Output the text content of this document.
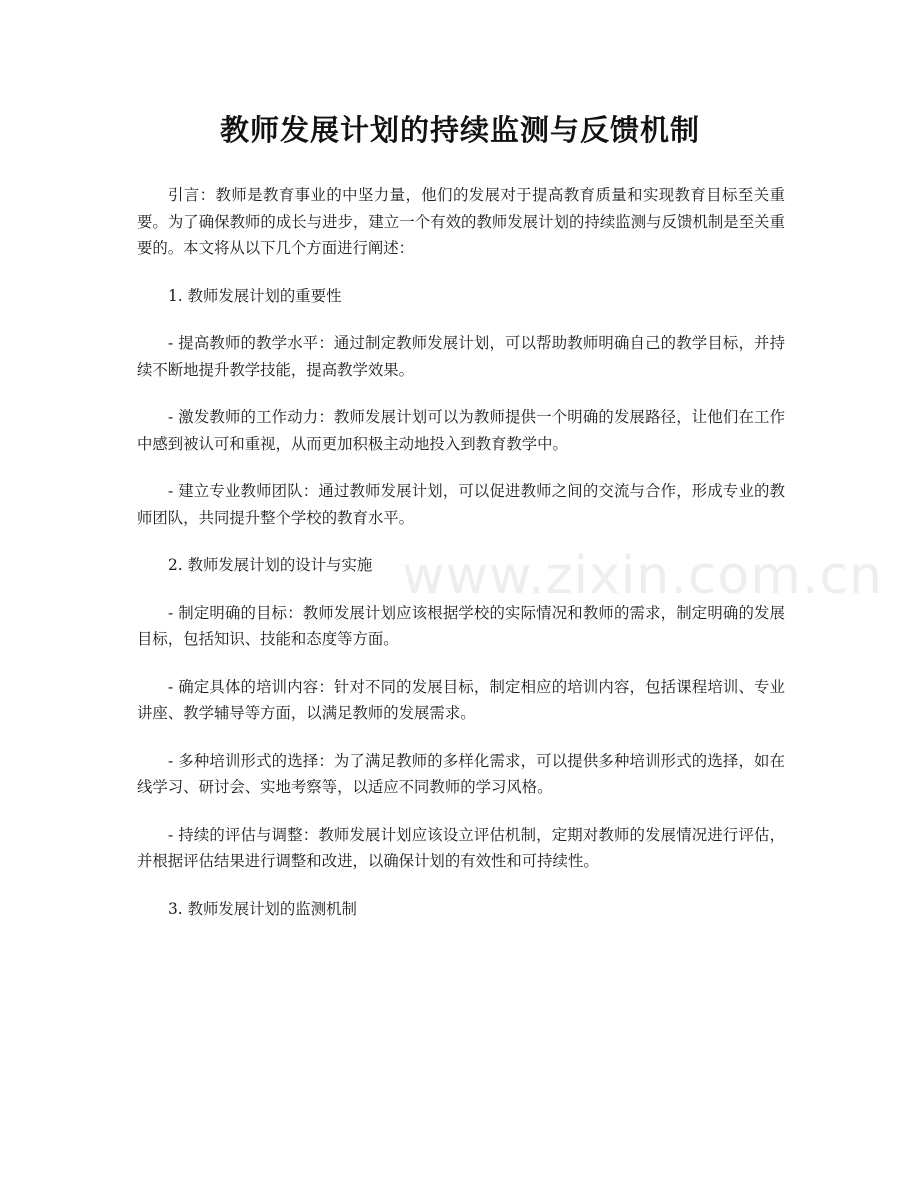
教师发展计划的持续监测与反馈机制

引言：教师是教育事业的中坚力量，他们的发展对于提高教育质量和实现教育目标至关重要。为了确保教师的成长与进步，建立一个有效的教师发展计划的持续监测与反馈机制是至关重要的。本文将从以下几个方面进行阐述：

1. 教师发展计划的重要性

- 提高教师的教学水平：通过制定教师发展计划，可以帮助教师明确自己的教学目标，并持续不断地提升教学技能，提高教学效果。

- 激发教师的工作动力：教师发展计划可以为教师提供一个明确的发展路径，让他们在工作中感到被认可和重视，从而更加积极主动地投入到教育教学中。

- 建立专业教师团队：通过教师发展计划，可以促进教师之间的交流与合作，形成专业的教师团队，共同提升整个学校的教育水平。

2. 教师发展计划的设计与实施

- 制定明确的目标：教师发展计划应该根据学校的实际情况和教师的需求，制定明确的发展目标，包括知识、技能和态度等方面。

- 确定具体的培训内容：针对不同的发展目标，制定相应的培训内容，包括课程培训、专业讲座、教学辅导等方面，以满足教师的发展需求。

- 多种培训形式的选择：为了满足教师的多样化需求，可以提供多种培训形式的选择，如在线学习、研讨会、实地考察等，以适应不同教师的学习风格。

- 持续的评估与调整：教师发展计划应该设立评估机制，定期对教师的发展情况进行评估，并根据评估结果进行调整和改进，以确保计划的有效性和可持续性。

3. 教师发展计划的监测机制

www.zixin.com.cn
